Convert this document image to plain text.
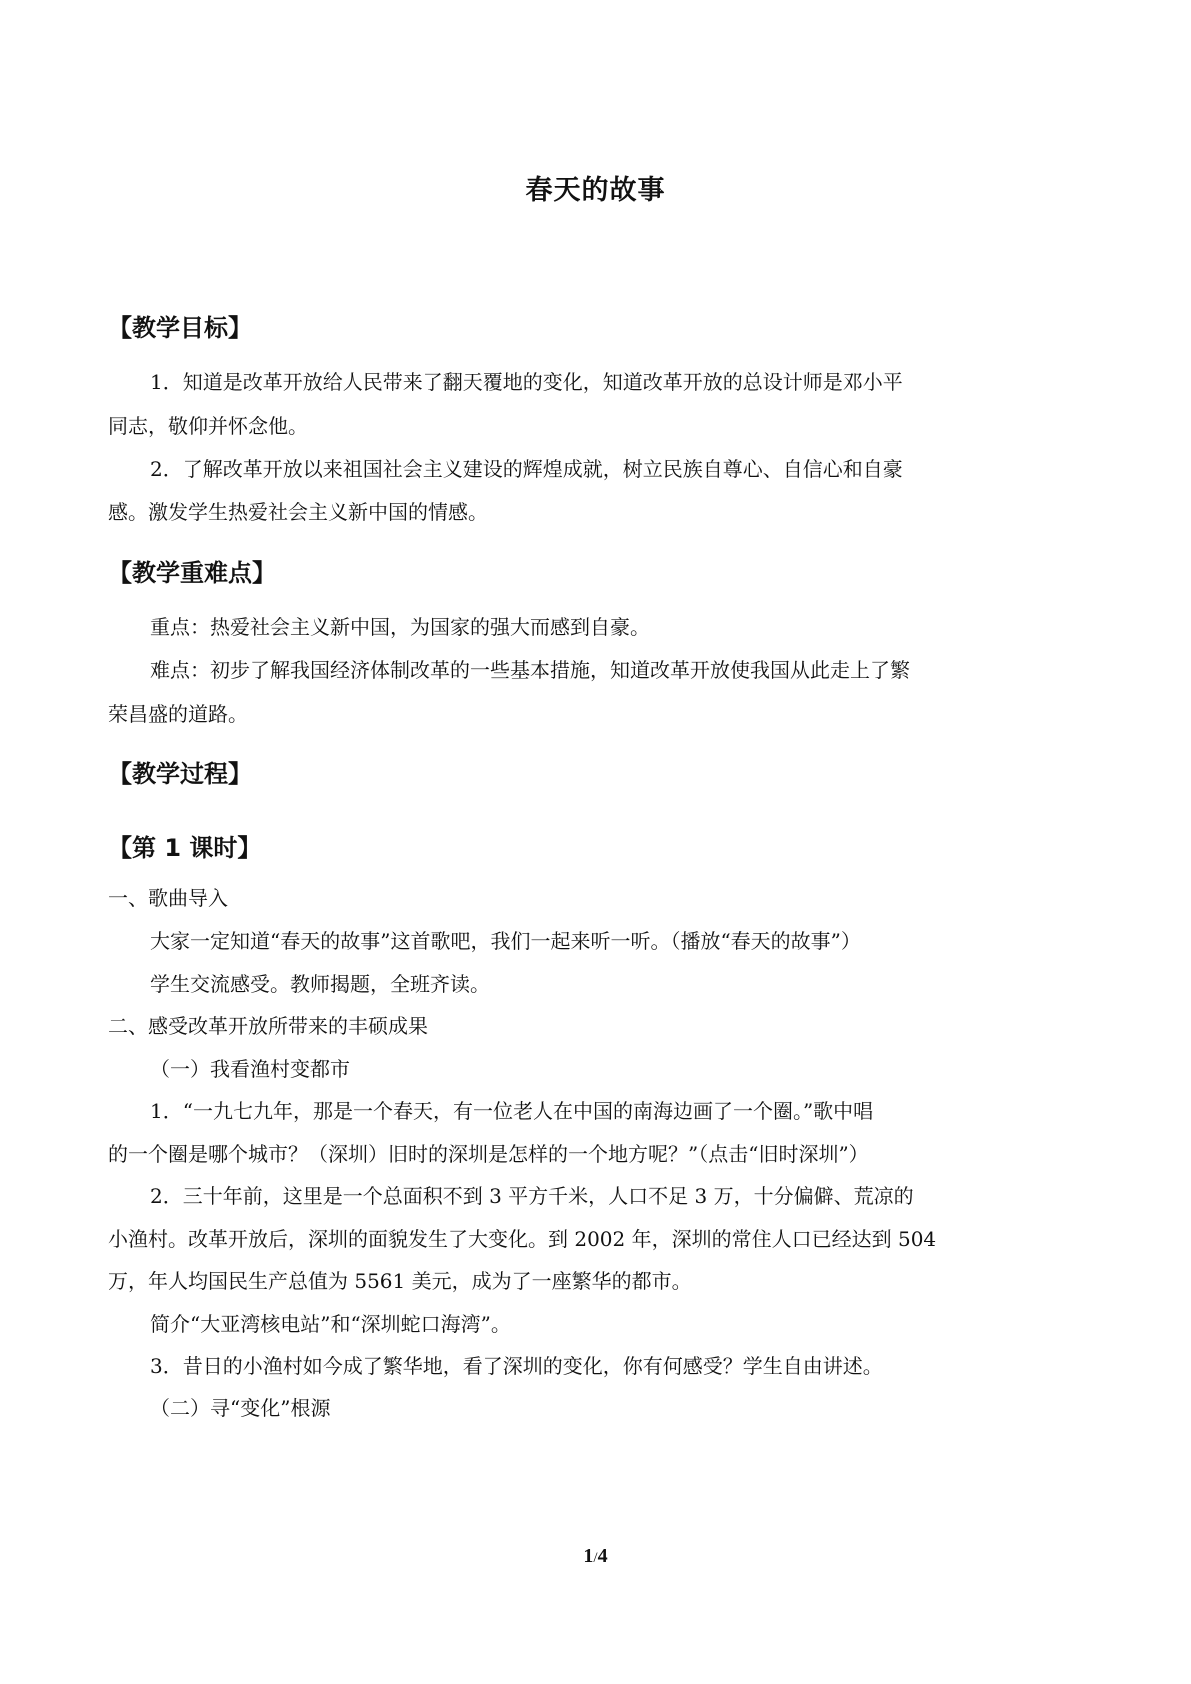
春天的故事
【教学目标】
1．知道是改革开放给人民带来了翻天覆地的变化，知道改革开放的总设计师是邓小平
同志，敬仰并怀念他。
2．了解改革开放以来祖国社会主义建设的辉煌成就，树立民族自尊心、自信心和自豪
感。激发学生热爱社会主义新中国的情感。
【教学重难点】
重点：热爱社会主义新中国，为国家的强大而感到自豪。
难点：初步了解我国经济体制改革的一些基本措施，知道改革开放使我国从此走上了繁
荣昌盛的道路。
【教学过程】
【第 1 课时】
一、歌曲导入
大家一定知道“春天的故事”这首歌吧，我们一起来听一听。（播放“春天的故事”）
学生交流感受。教师揭题，全班齐读。
二、感受改革开放所带来的丰硕成果
（一）我看渔村变都市
1．“一九七九年，那是一个春天，有一位老人在中国的南海边画了一个圈。”歌中唱
的一个圈是哪个城市？（深圳）旧时的深圳是怎样的一个地方呢？”（点击“旧时深圳”）
2．三十年前，这里是一个总面积不到 3 平方千米，人口不足 3 万，十分偏僻、荒凉的
小渔村。改革开放后，深圳的面貌发生了大变化。到 2002 年，深圳的常住人口已经达到 504
万，年人均国民生产总值为 5561 美元，成为了一座繁华的都市。
简介“大亚湾核电站”和“深圳蛇口海湾”。
3．昔日的小渔村如今成了繁华地，看了深圳的变化，你有何感受？学生自由讲述。
（二）寻“变化”根源
1/4
